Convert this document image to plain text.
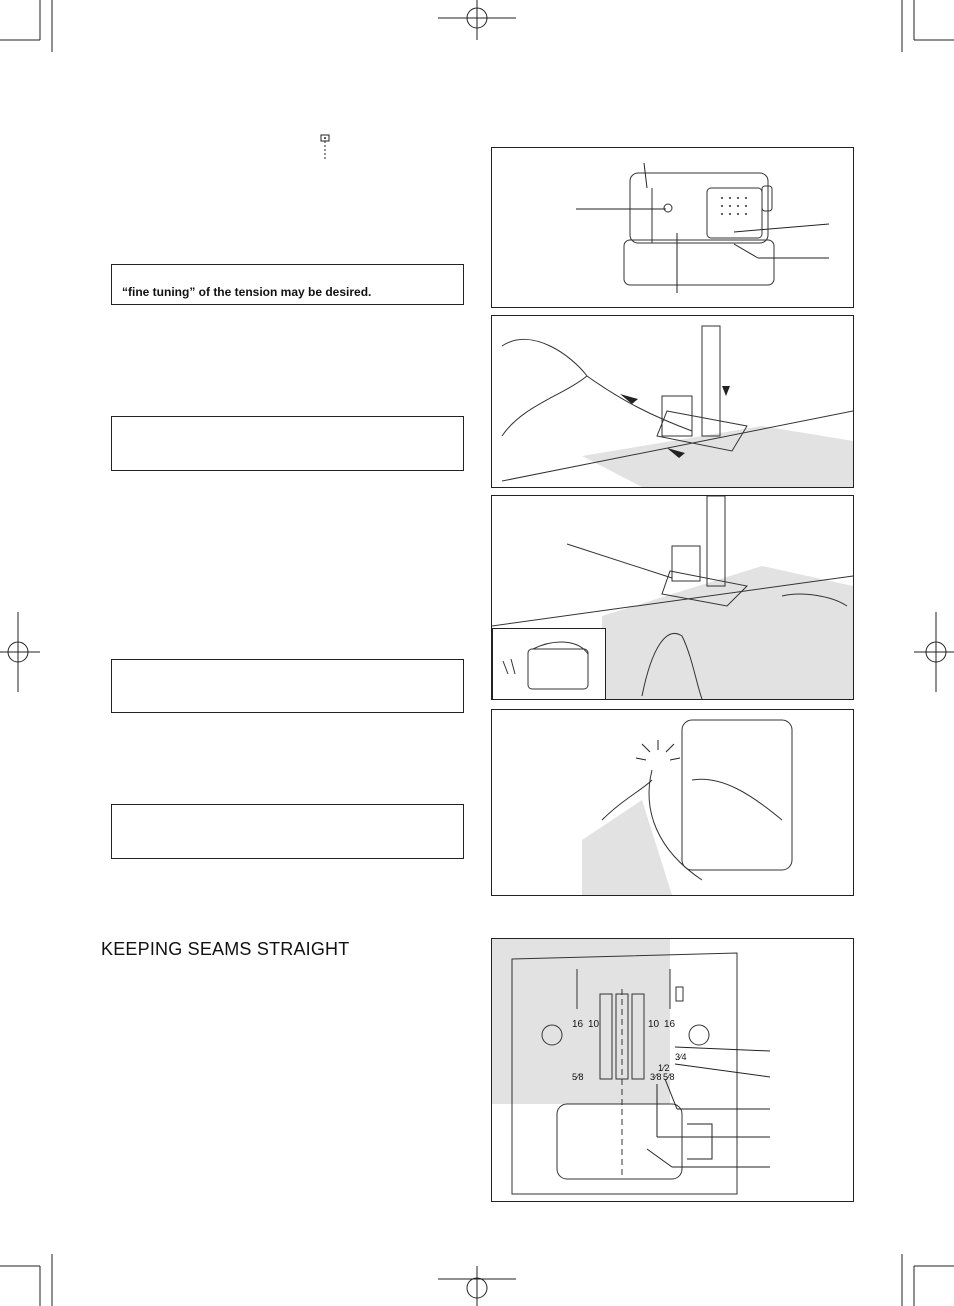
“fine tuning” of the tension may be desired.
KEEPING SEAMS STRAIGHT
16 10	10 16
5⁄8
3⁄4
1⁄2
3⁄8 5⁄8
